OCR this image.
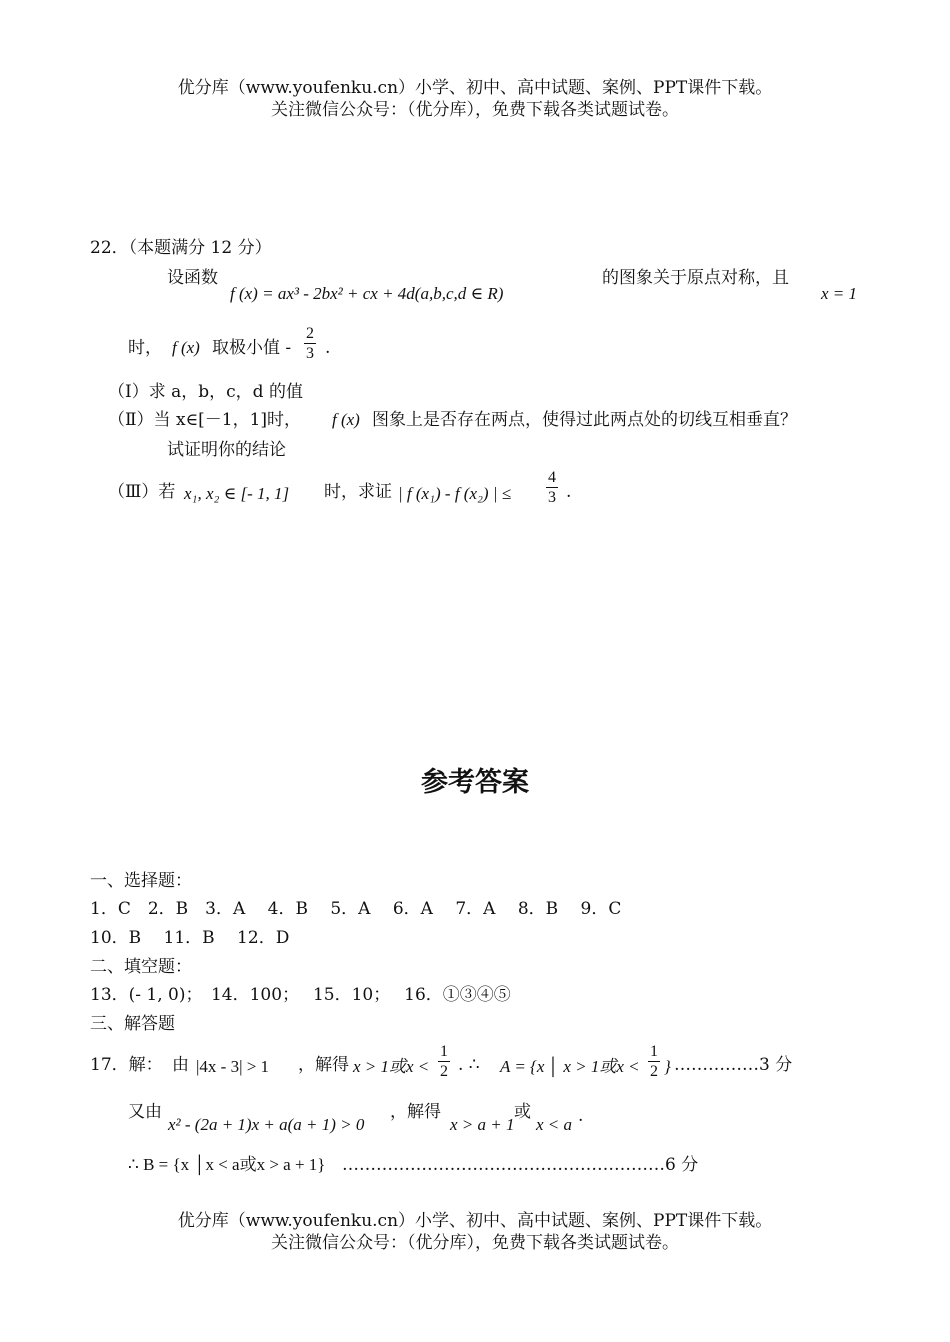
优分库（www.youfenku.cn）小学、初中、高中试题、案例、PPT课件下载。
关注微信公众号：（优分库），免费下载各类试题试卷。
22．（本题满分 12 分）
设函数
f (x) = ax³ - 2bx² + cx + 4d(a,b,c,d ∈ R)
的图象关于原点对称，且
x = 1
时， f (x) 取极小值 - $\frac{2}{3}$ .
（Ⅰ）求 a，b，c，d 的值
（Ⅱ）当 x∈[－1，1]时， f (x) 图象上是否存在两点，使得过此两点处的切线互相垂直？
试证明你的结论
（Ⅲ）若 x₁, x₂ ∈ [- 1, 1] 时，求证 | f (x₁) - f (x₂) | ≤ $\frac{4}{3}$ .
参考答案
一、选择题：
1．C　2．B　3．A　 4．B　 5．A　 6．A　 7．A　 8．B　 9．C
10．B　 11．B　 12．D
二、填空题：
13．(- 1, 0)；　14．100；　 15．10；　 16．①③④⑤
三、解答题
17．解： 由 |4x - 3| > 1 ，解得 x > 1或$x < \frac{1}{2}$ . ∴ A = {x │ x > 1或$x < \frac{1}{2}$ } ……………3 分
又由
x² - (2a + 1)x + a(a + 1) > 0
，解得
x > a + 1
或
x < a .
∴ B = {x │x < a或x > a + 1} …………………………………………………6 分
优分库（www.youfenku.cn）小学、初中、高中试题、案例、PPT课件下载。
关注微信公众号：（优分库），免费下载各类试题试卷。
